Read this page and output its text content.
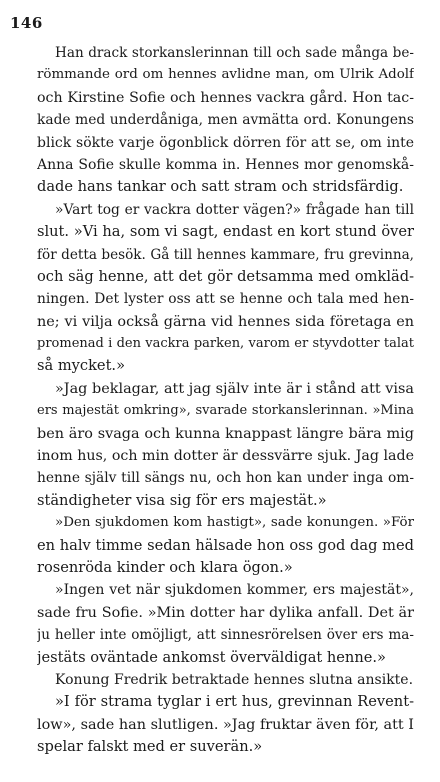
146
Han drack storkanslerinnan till och sade många be-
römmande ord om hennes avlidne man, om Ulrik Adolf
och Kirstine Sofie och hennes vackra gård. Hon tac-
kade med underdåniga, men avmätta ord. Konungens
blick sökte varje ögonblick dörren för att se, om inte
Anna Sofie skulle komma in. Hennes mor genomskå-
dade hans tankar och satt stram och stridsfärdig.
»Vart tog er vackra dotter vägen?» frågade han till
slut. »Vi ha, som vi sagt, endast en kort stund över
för detta besök. Gå till hennes kammare, fru grevinna,
och säg henne, att det gör detsamma med omkläd-
ningen. Det lyster oss att se henne och tala med hen-
ne; vi vilja också gärna vid hennes sida företaga en
promenad i den vackra parken, varom er styvdotter talat
så mycket.»
»Jag beklagar, att jag själv inte är i stånd att visa
ers majestät omkring», svarade storkanslerinnan. »Mina
ben äro svaga och kunna knappast längre bära mig
inom hus, och min dotter är dessvärre sjuk. Jag lade
henne själv till sängs nu, och hon kan under inga om-
ständigheter visa sig för ers majestät.»
»Den sjukdomen kom hastigt», sade konungen. »För
en halv timme sedan hälsade hon oss god dag med
rosenröda kinder och klara ögon.»
»Ingen vet när sjukdomen kommer, ers majestät»,
sade fru Sofie. »Min dotter har dylika anfall. Det är
ju heller inte omöjligt, att sinnesrörelsen över ers ma-
jestäts oväntade ankomst överväldigat henne.»
Konung Fredrik betraktade hennes slutna ansikte.
»I för strama tyglar i ert hus, grevinnan Revent-
low», sade han slutligen. »Jag fruktar även för, att I
spelar falskt med er suverän.»
